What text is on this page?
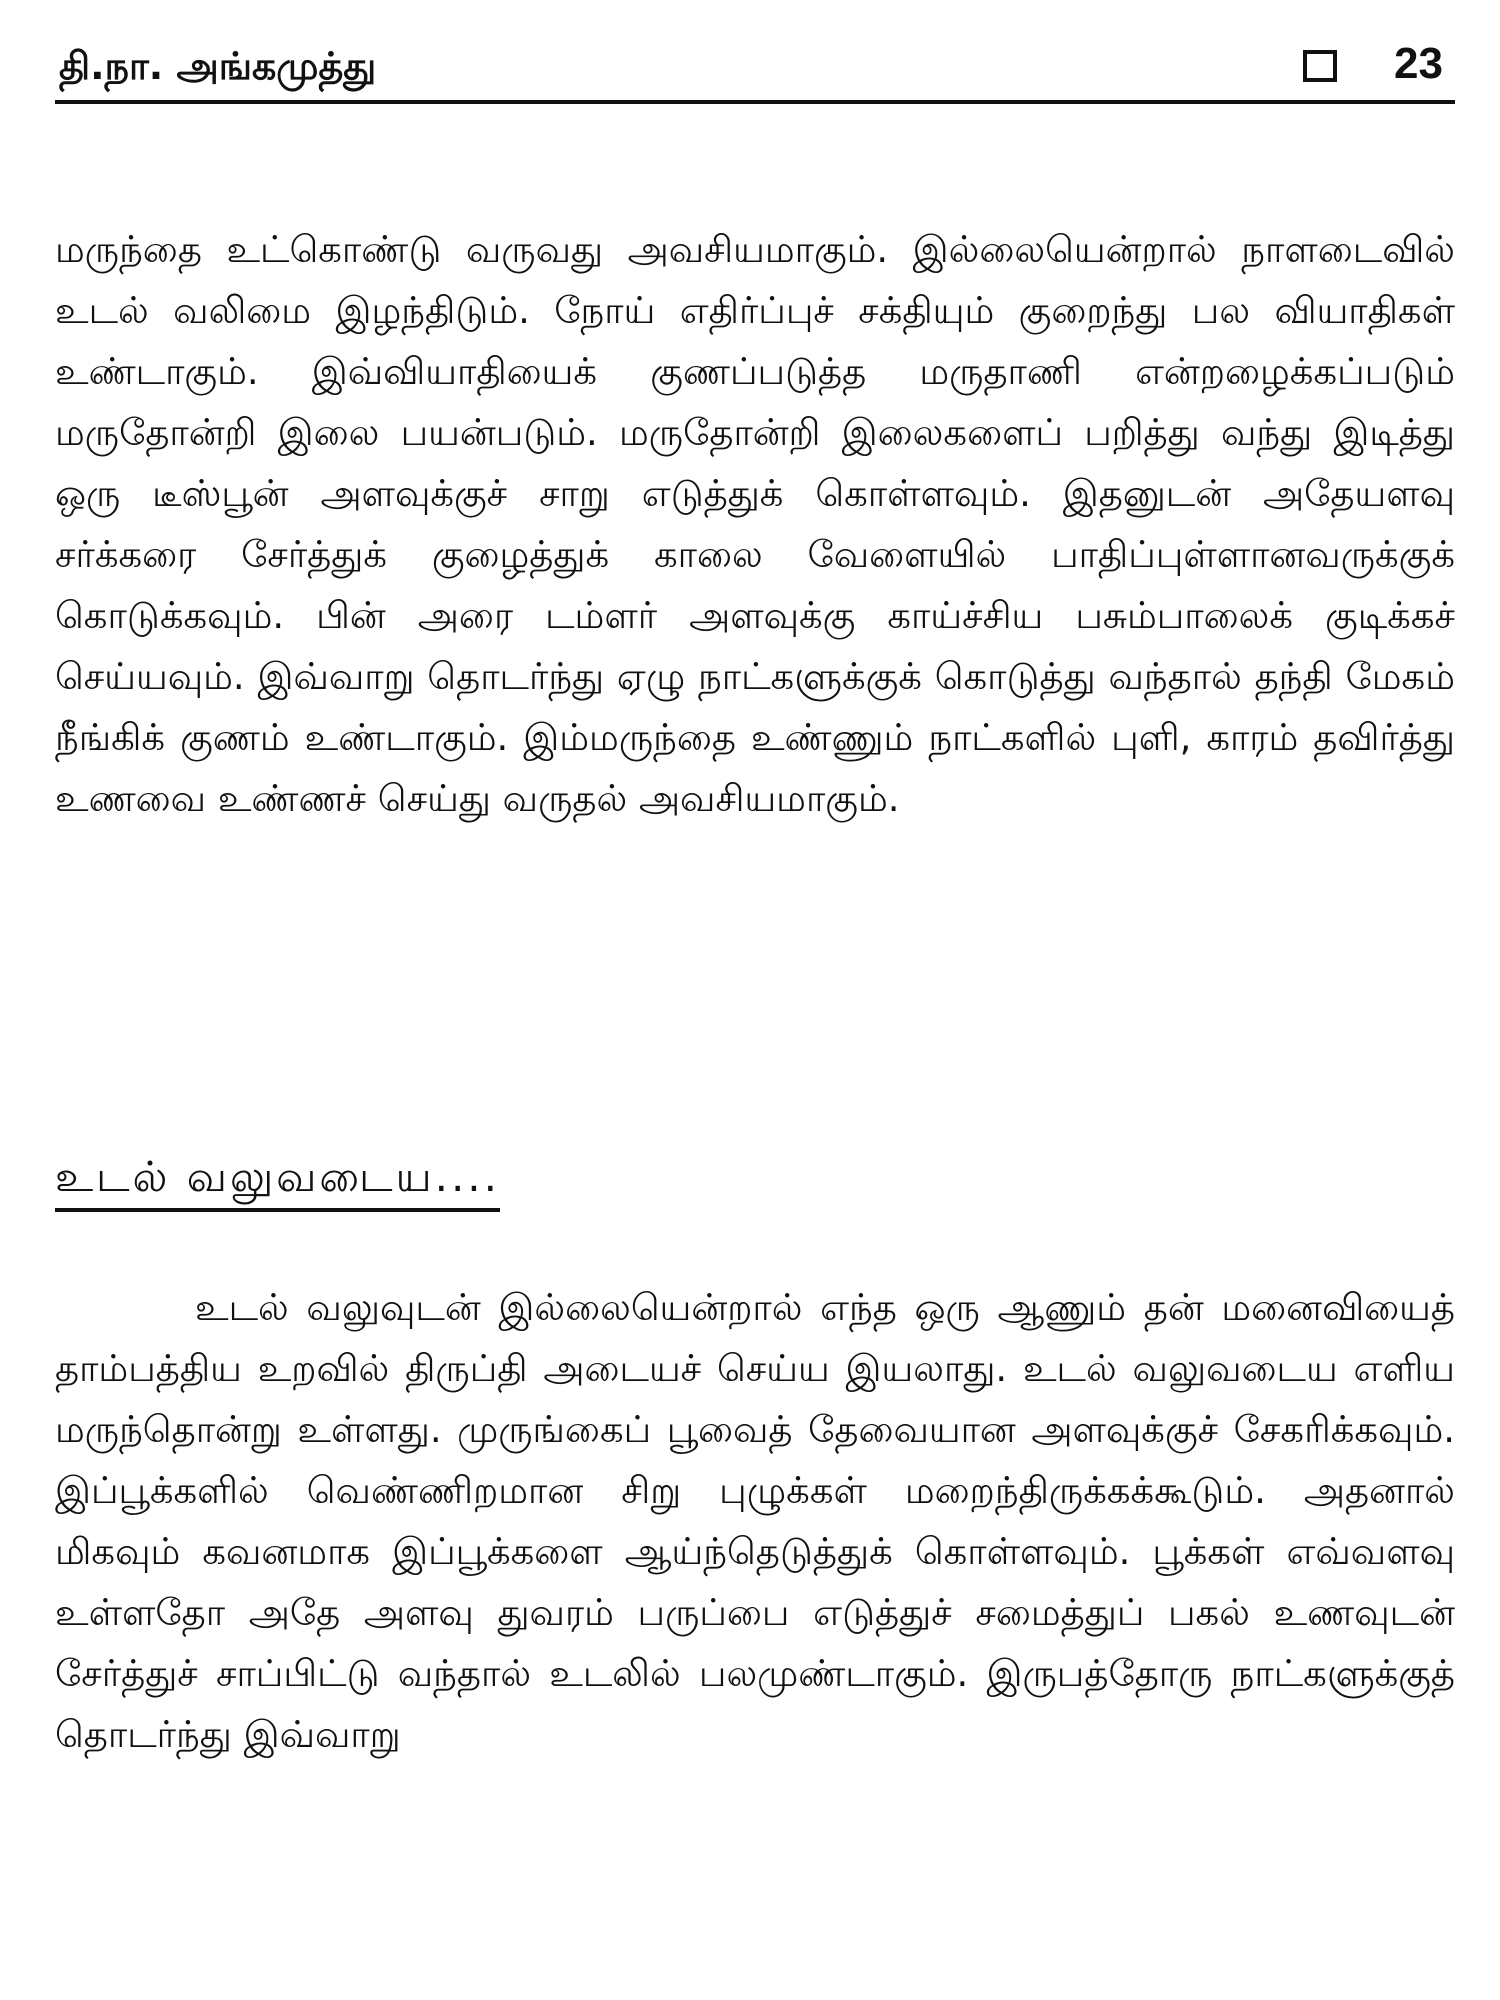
தி.நா. அங்கமுத்து	23

மருந்தை உட்கொண்டு வருவது அவசியமாகும். இல்லையென்றால் நாளடைவில் உடல் வலிமை இழந்திடும். நோய் எதிர்ப்புச் சக்தியும் குறைந்து பல வியாதிகள் உண்டாகும். இவ்வியாதியைக் குணப்படுத்த மருதாணி என்றழைக்கப்படும் மருதோன்றி இலை பயன்படும். மருதோன்றி இலைகளைப் பறித்து வந்து இடித்து ஒரு டீஸ்பூன் அளவுக்குச் சாறு எடுத்துக் கொள்ளவும். இதனுடன் அதேயளவு சர்க்கரை சேர்த்துக் குழைத்துக் காலை வேளையில் பாதிப்புள்ளானவருக்குக் கொடுக்கவும். பின் அரை டம்ளர் அளவுக்கு காய்ச்சிய பசும்பாலைக் குடிக்கச் செய்யவும். இவ்வாறு தொடர்ந்து ஏழு நாட்களுக்குக் கொடுத்து வந்தால் தந்தி மேகம் நீங்கிக் குணம் உண்டாகும். இம்மருந்தை உண்ணும் நாட்களில் புளி, காரம் தவிர்த்து உணவை உண்ணச் செய்து வருதல் அவசியமாகும்.

உடல் வலுவடைய....

உடல் வலுவுடன் இல்லையென்றால் எந்த ஒரு ஆணும் தன் மனைவியைத் தாம்பத்திய உறவில் திருப்தி அடையச் செய்ய இயலாது. உடல் வலுவடைய எளிய மருந்தொன்று உள்ளது. முருங்கைப் பூவைத் தேவையான அளவுக்குச் சேகரிக்கவும். இப்பூக்களில் வெண்ணிறமான சிறு புழுக்கள் மறைந்திருக்கக்கூடும். அதனால் மிகவும் கவனமாக இப்பூக்களை ஆய்ந்தெடுத்துக் கொள்ளவும். பூக்கள் எவ்வளவு உள்ளதோ அதே அளவு துவரம் பருப்பை எடுத்துச் சமைத்துப் பகல் உணவுடன் சேர்த்துச் சாப்பிட்டு வந்தால் உடலில் பலமுண்டாகும். இருபத்தோரு நாட்களுக்குத் தொடர்ந்து இவ்வாறு
